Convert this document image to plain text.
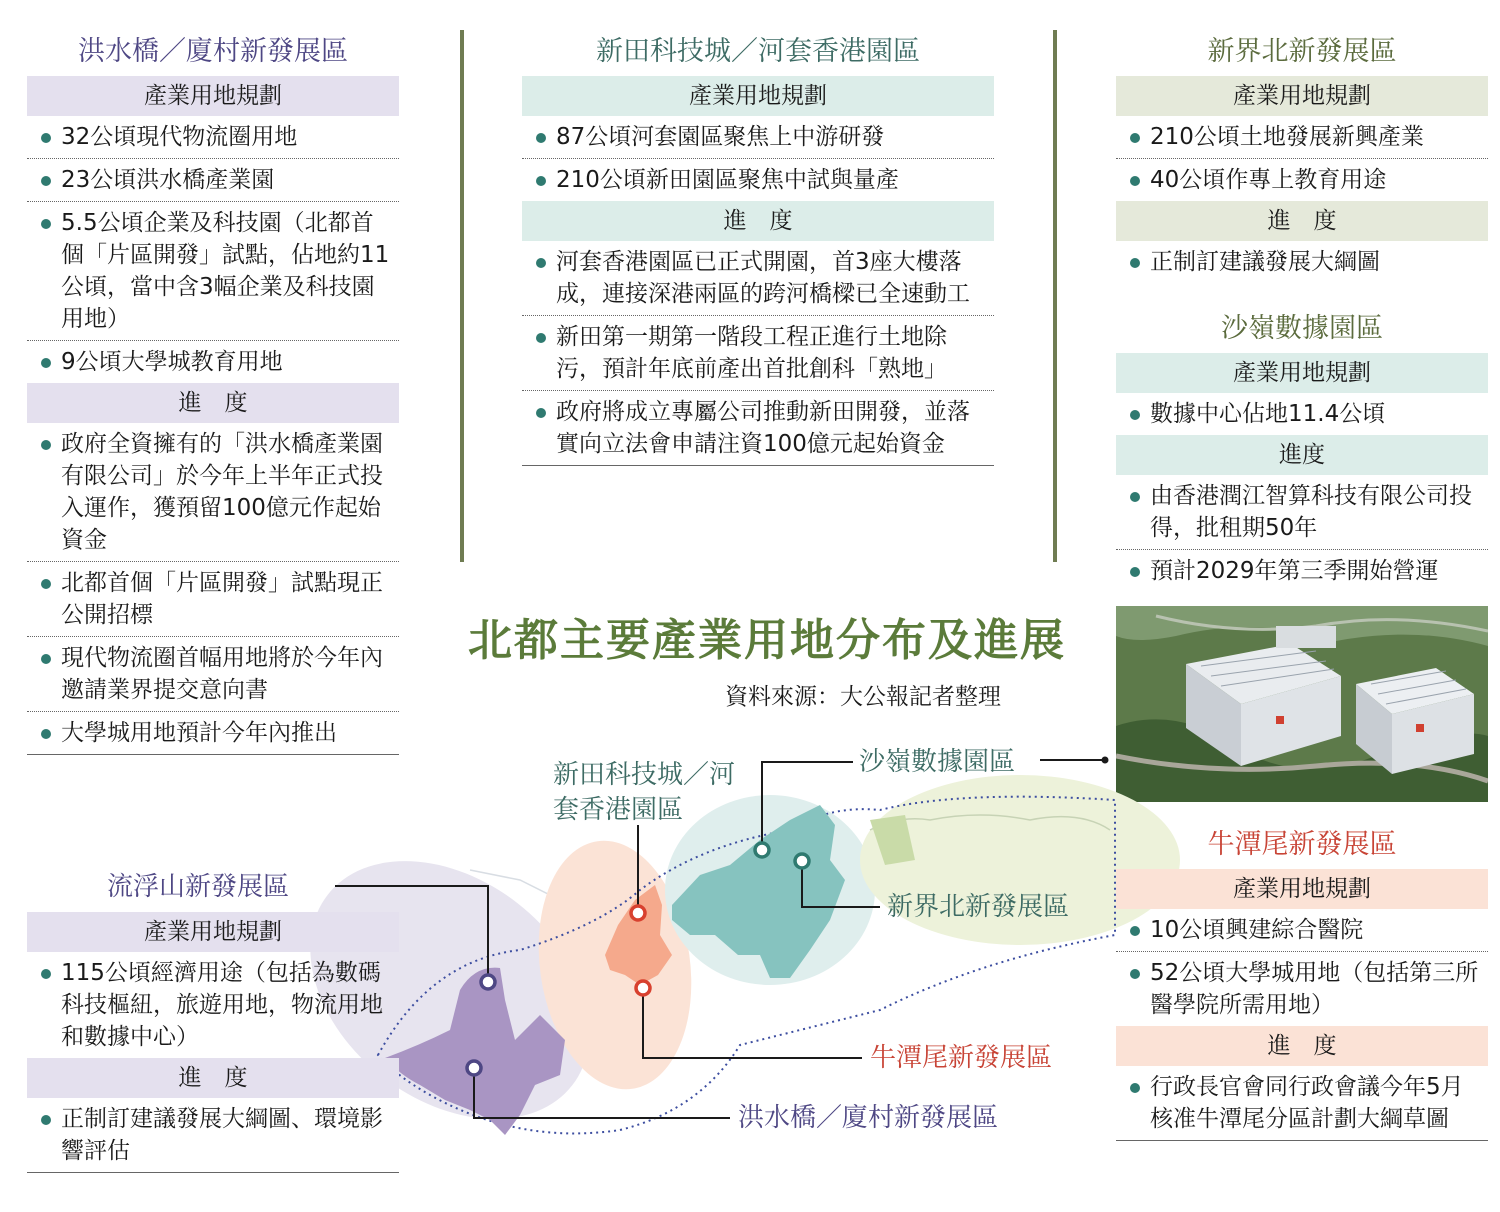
洪水橋／廈村新發展區
產業用地規劃
32公頃現代物流圈用地
23公頃洪水橋產業園
5.5公頃企業及科技園（北都首個「片區開發」試點，佔地約11公頃，當中含3幅企業及科技園用地）
9公頃大學城教育用地
進　度
政府全資擁有的「洪水橋產業園有限公司」於今年上半年正式投入運作，獲預留100億元作起始資金
北都首個「片區開發」試點現正公開招標
現代物流圈首幅用地將於今年內邀請業界提交意向書
大學城用地預計今年內推出
新田科技城／河套香港園區
產業用地規劃
87公頃河套園區聚焦上中游研發
210公頃新田園區聚焦中試與量產
進　度
河套香港園區已正式開園，首3座大樓落成，連接深港兩區的跨河橋樑已全速動工
新田第一期第一階段工程正進行土地除污，預計年底前產出首批創科「熟地」
政府將成立專屬公司推動新田開發，並落實向立法會申請注資100億元起始資金
新界北新發展區
產業用地規劃
210公頃土地發展新興產業
40公頃作專上教育用途
進　度
正制訂建議發展大綱圖
沙嶺數據園區
產業用地規劃
數據中心佔地11.4公頃
進度
由香港潤江智算科技有限公司投得，批租期50年
預計2029年第三季開始營運
北都主要產業用地分布及進展
資料來源：大公報記者整理
新田科技城／河套香港園區
沙嶺數據園區
新界北新發展區
流浮山新發展區
牛潭尾新發展區
洪水橋／廈村新發展區
產業用地規劃
115公頃經濟用途（包括為數碼科技樞紐，旅遊用地，物流用地和數據中心）
進　度
正制訂建議發展大綱圖、環境影響評估
牛潭尾新發展區
產業用地規劃
10公頃興建綜合醫院
52公頃大學城用地（包括第三所醫學院所需用地）
進　度
行政長官會同行政會議今年5月核准牛潭尾分區計劃大綱草圖
